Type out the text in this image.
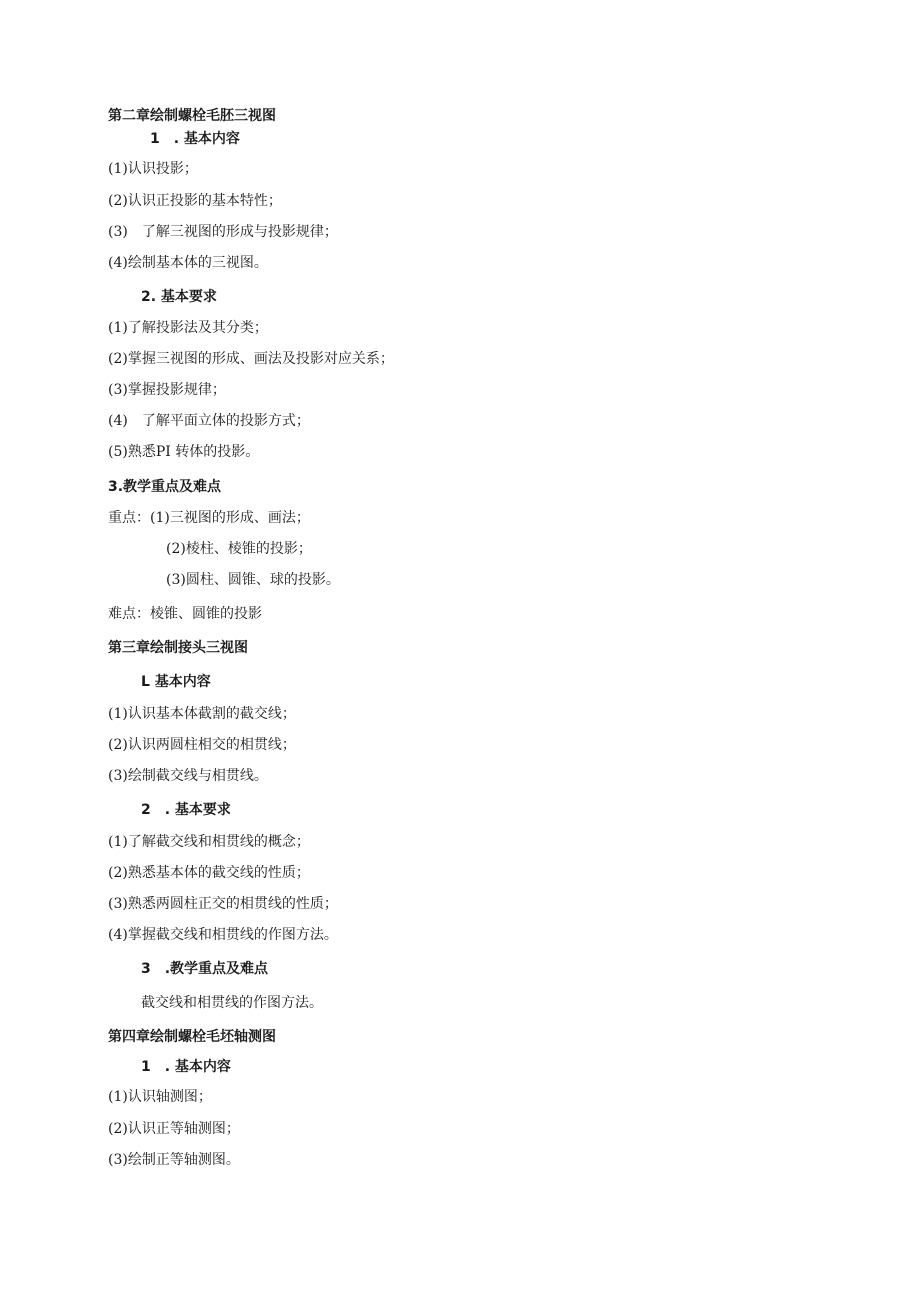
第二章绘制螺栓毛胚三视图
1　. 基本内容
(1)认识投影；
(2)认识正投影的基本特性；
(3)　了解三视图的形成与投影规律；
(4)绘制基本体的三视图。
2. 基本要求
(1)了解投影法及其分类；
(2)掌握三视图的形成、画法及投影对应关系；
(3)掌握投影规律；
(4)　了解平面立体的投影方式；
(5)熟悉PI 转体的投影。
3.教学重点及难点
重点：(1)三视图的形成、画法；
(2)棱柱、棱锥的投影；
(3)圆柱、圆锥、球的投影。
难点：棱锥、圆锥的投影
第三章绘制接头三视图
L 基本内容
(1)认识基本体截割的截交线；
(2)认识两圆柱相交的相贯线；
(3)绘制截交线与相贯线。
2　. 基本要求
(1)了解截交线和相贯线的概念；
(2)熟悉基本体的截交线的性质；
(3)熟悉两圆柱正交的相贯线的性质；
(4)掌握截交线和相贯线的作图方法。
3　.教学重点及难点
截交线和相贯线的作图方法。
第四章绘制螺栓毛坯轴测图
1　. 基本内容
(1)认识轴测图；
(2)认识正等轴测图；
(3)绘制正等轴测图。
